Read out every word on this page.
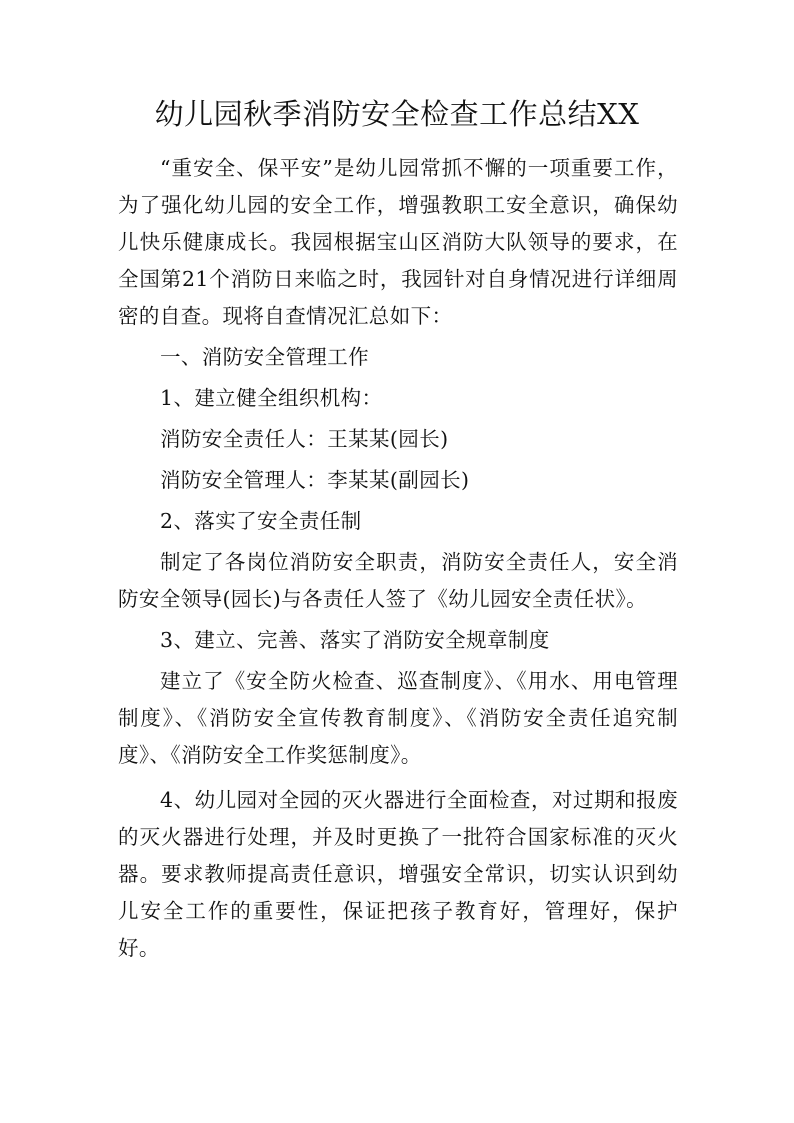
幼儿园秋季消防安全检查工作总结XX

“重安全、保平安”是幼儿园常抓不懈的一项重要工作，为了强化幼儿园的安全工作，增强教职工安全意识，确保幼儿快乐健康成长。我园根据宝山区消防大队领导的要求，在全国第21个消防日来临之时，我园针对自身情况进行详细周密的自查。现将自查情况汇总如下：

一、消防安全管理工作

1、建立健全组织机构：

消防安全责任人：王某某(园长)

消防安全管理人：李某某(副园长)

2、落实了安全责任制

制定了各岗位消防安全职责，消防安全责任人，安全消防安全领导(园长)与各责任人签了《幼儿园安全责任状》。

3、建立、完善、落实了消防安全规章制度

建立了《安全防火检查、巡查制度》、《用水、用电管理制度》、《消防安全宣传教育制度》、《消防安全责任追究制度》、《消防安全工作奖惩制度》。

4、幼儿园对全园的灭火器进行全面检查，对过期和报废的灭火器进行处理，并及时更换了一批符合国家标准的灭火器。要求教师提高责任意识，增强安全常识，切实认识到幼儿安全工作的重要性，保证把孩子教育好，管理好，保护好。
